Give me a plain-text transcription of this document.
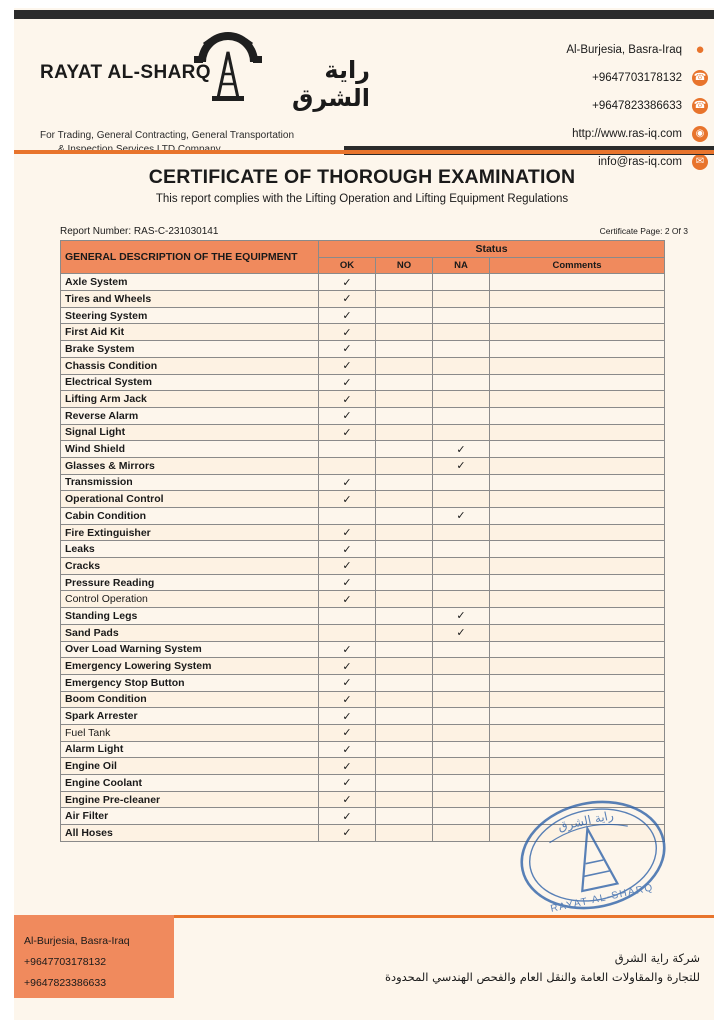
RAYAT AL-SHARQ	راية الشرق
For Trading, General Contracting, General Transportation
Al-Burjesia, Basra-Iraq ●
+9647703178132 ☎
+9647823386633 ☎
http://www.ras-iq.com	◉
info@ras-iq.com	✉
CERTIFICATE OF THOROUGH EXAMINATION
This report complies with the Lifting Operation and Lifting Equipment Regulations
Report Number: RAS-C-231030141	Certificate Page: 2 Of 3
GENERAL DESCRIPTION OF THE EQUIPMENT	Status			
	OK	NO	NA	Comments
Axle System	✓			
Tires and Wheels	✓			
Steering System	✓			
First Aid Kit	✓			
Brake System	✓			
Chassis Condition	✓			
Electrical System	✓			
Lifting Arm Jack	✓			
Reverse Alarm	✓			
Signal Light	✓			
Wind Shield			✓	
Glasses & Mirrors			✓	
Transmission	✓			
Operational Control	✓			
Cabin Condition			✓	
Fire Extinguisher	✓			
Leaks	✓			
Cracks	✓			
Pressure Reading	✓			
Control Operation	✓			
Standing Legs			✓	
Sand Pads			✓	
Over Load Warning System	✓			
Emergency Lowering System	✓			
Emergency Stop Button	✓			
Boom Condition	✓			
Spark Arrester	✓			
Fuel Tank	✓			
Alarm Light	✓			
Engine Oil	✓			
Engine Coolant	✓			
Engine Pre-cleaner	✓			
Air Filter	✓			
All Hoses	✓				راية الشرق
RAYAT AL-SHARQ
Al-Burjesia, Basra-Iraq
+9647703178132
+9647823386633
شركة راية الشرق
للتجارة والمقاولات العامة والنقل العام والفحص الهندسي المحدودة
